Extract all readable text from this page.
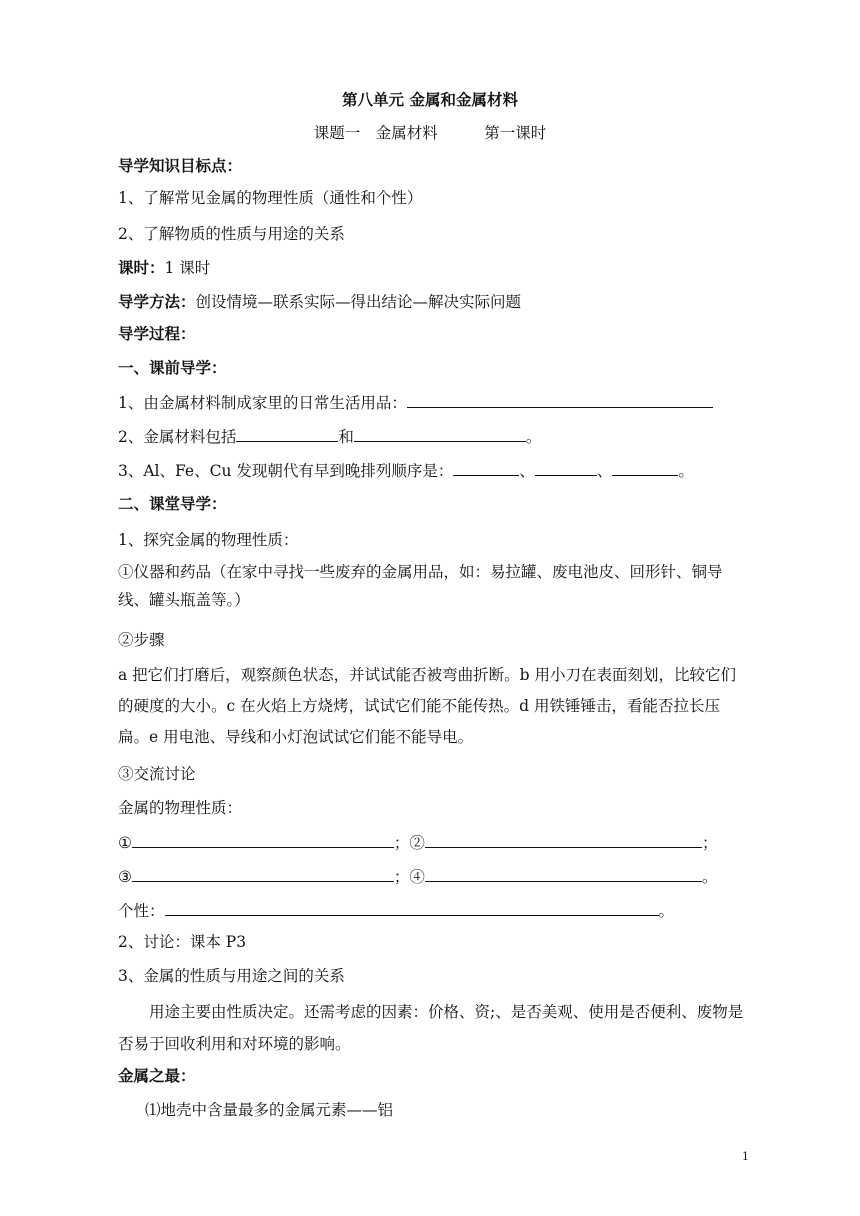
第八单元 金属和金属材料
课题一　金属材料　　　第一课时
导学知识目标点：
1、了解常见金属的物理性质（通性和个性）
2、了解物质的性质与用途的关系
课时：1 课时
导学方法：创设情境—联系实际—得出结论—解决实际问题
导学过程：
一、课前导学：
1、由金属材料制成家里的日常生活用品：
2、金属材料包括	和	。
3、Al、Fe、Cu 发现朝代有早到晚排列顺序是：	、	、	。
二、课堂导学：
1、探究金属的物理性质：
①仪器和药品（在家中寻找一些废弃的金属用品，如：易拉罐、废电池皮、回形针、铜导线、罐头瓶盖等。）
②步骤
a 把它们打磨后，观察颜色状态，并试试能否被弯曲折断。b 用小刀在表面刻划，比较它们的硬度的大小。c 在火焰上方烧烤，试试它们能不能传热。d 用铁锤锤击，看能否拉长压扁。e 用电池、导线和小灯泡试试它们能不能导电。
③交流讨论
金属的物理性质：
①	；②	；
③	；④	。
个性：	。
2、讨论：课本 P3
3、金属的性质与用途之间的关系
用途主要由性质决定。还需考虑的因素：价格、资;、是否美观、使用是否便利、废物是否易于回收利用和对环境的影响。
金属之最：
⑴地壳中含量最多的金属元素——铝
1
